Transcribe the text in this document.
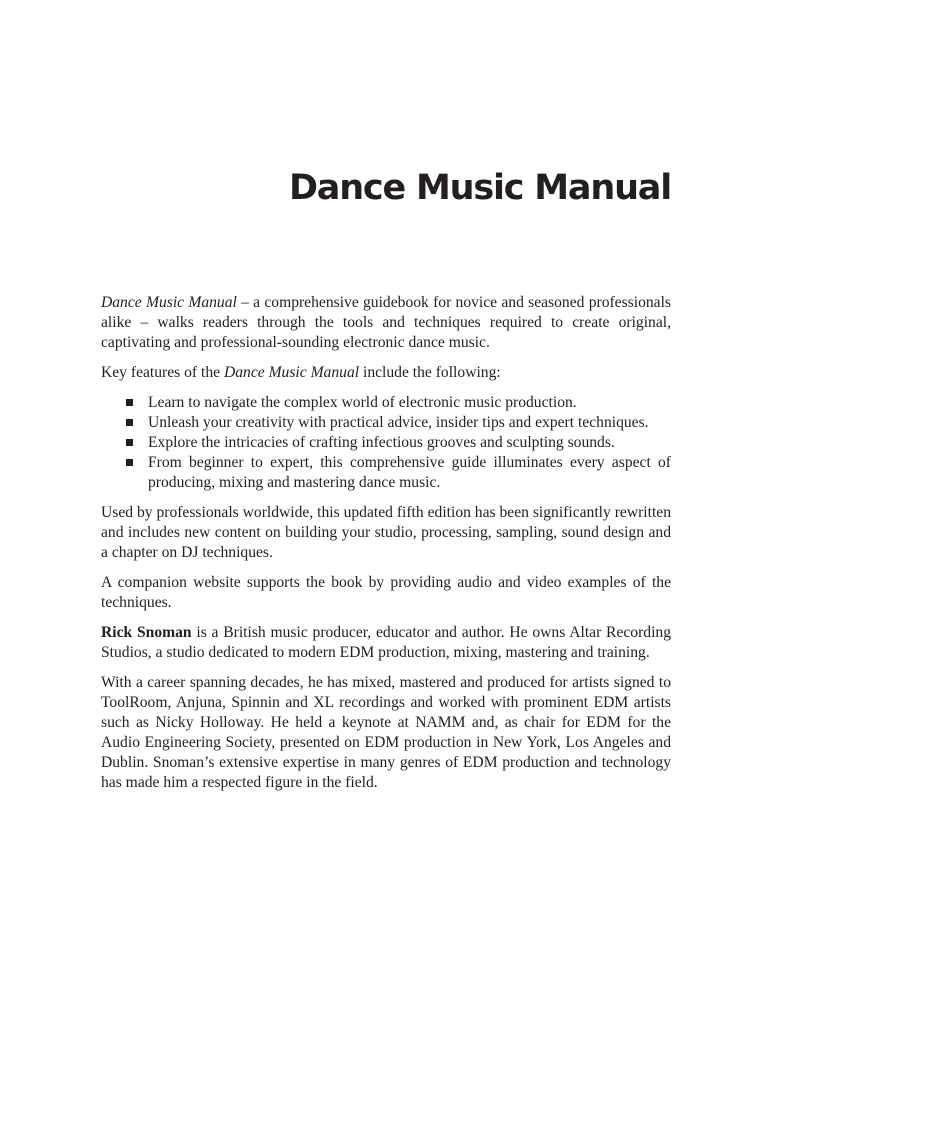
Dance Music Manual

Dance Music Manual – a comprehensive guidebook for novice and seasoned professionals alike – walks readers through the tools and techniques required to create original, captivating and professional-sounding electronic dance music.

Key features of the Dance Music Manual include the following:

Learn to navigate the complex world of electronic music production.
Unleash your creativity with practical advice, insider tips and expert techniques.
Explore the intricacies of crafting infectious grooves and sculpting sounds.
From beginner to expert, this comprehensive guide illuminates every aspect of producing, mixing and mastering dance music.

Used by professionals worldwide, this updated fifth edition has been significantly rewritten and includes new content on building your studio, processing, sampling, sound design and a chapter on DJ techniques.

A companion website supports the book by providing audio and video examples of the techniques.

Rick Snoman is a British music producer, educator and author. He owns Altar Recording Studios, a studio dedicated to modern EDM production, mixing, mastering and training.

With a career spanning decades, he has mixed, mastered and produced for artists signed to ToolRoom, Anjuna, Spinnin and XL recordings and worked with prominent EDM artists such as Nicky Holloway. He held a keynote at NAMM and, as chair for EDM for the Audio Engineering Society, presented on EDM production in New York, Los Angeles and Dublin. Snoman’s extensive expertise in many genres of EDM production and technology has made him a respected figure in the field.
